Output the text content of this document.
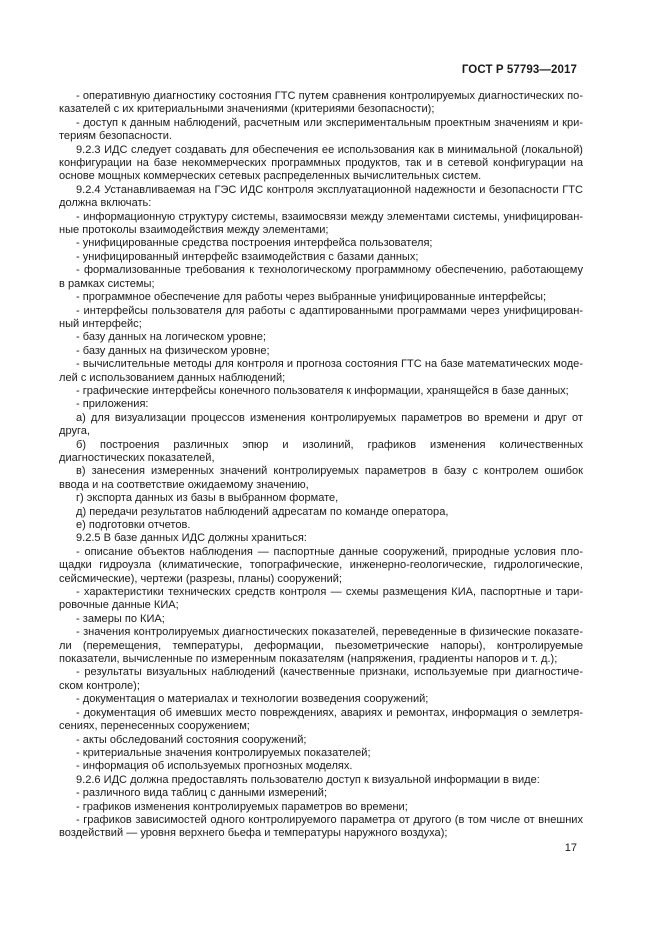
ГОСТ Р 57793—2017

- оперативную диагностику состояния ГТС путем сравнения контролируемых диагностических показателей с их критериальными значениями (критериями безопасности);

- доступ к данным наблюдений, расчетным или экспериментальным проектным значениям и критериям безопасности.

9.2.3 ИДС следует создавать для обеспечения ее использования как в минимальной (локальной) конфигурации на базе некоммерческих программных продуктов, так и в сетевой конфигурации на основе мощных коммерческих сетевых распределенных вычислительных систем.

9.2.4 Устанавливаемая на ГЭС ИДС контроля эксплуатационной надежности и безопасности ГТС должна включать:

- информационную структуру системы, взаимосвязи между элементами системы, унифицированные протоколы взаимодействия между элементами;

- унифицированные средства построения интерфейса пользователя;

- унифицированный интерфейс взаимодействия с базами данных;

- формализованные требования к технологическому программному обеспечению, работающему в рамках системы;

- программное обеспечение для работы через выбранные унифицированные интерфейсы;

- интерфейсы пользователя для работы с адаптированными программами через унифицированный интерфейс;

- базу данных на логическом уровне;

- базу данных на физическом уровне;

- вычислительные методы для контроля и прогноза состояния ГТС на базе математических моделей с использованием данных наблюдений;

- графические интерфейсы конечного пользователя к информации, хранящейся в базе данных;

- приложения:

а) для визуализации процессов изменения контролируемых параметров во времени и друг от друга,

б) построения различных эпюр и изолиний, графиков изменения количественных диагностических показателей,

в) занесения измеренных значений контролируемых параметров в базу с контролем ошибок ввода и на соответствие ожидаемому значению,

г) экспорта данных из базы в выбранном формате,

д) передачи результатов наблюдений адресатам по команде оператора,

е) подготовки отчетов.

9.2.5 В базе данных ИДС должны храниться:

- описание объектов наблюдения — паспортные данные сооружений, природные условия площадки гидроузла (климатические, топографические, инженерно-геологические, гидрологические, сейсмические), чертежи (разрезы, планы) сооружений;

- характеристики технических средств контроля — схемы размещения КИА, паспортные и тарировочные данные КИА;

- замеры по КИА;

- значения контролируемых диагностических показателей, переведенные в физические показатели (перемещения, температуры, деформации, пьезометрические напоры), контролируемые показатели, вычисленные по измеренным показателям (напряжения, градиенты напоров и т. д.);

- результаты визуальных наблюдений (качественные признаки, используемые при диагностическом контроле);

- документация о материалах и технологии возведения сооружений;

- документация об имевших место повреждениях, авариях и ремонтах, информация о землетрясениях, перенесенных сооружением;

- акты обследований состояния сооружений;

- критериальные значения контролируемых показателей;

- информация об используемых прогнозных моделях.

9.2.6 ИДС должна предоставлять пользователю доступ к визуальной информации в виде:

- различного вида таблиц с данными измерений;

- графиков изменения контролируемых параметров во времени;

- графиков зависимостей одного контролируемого параметра от другого (в том числе от внешних воздействий — уровня верхнего бьефа и температуры наружного воздуха);

17
